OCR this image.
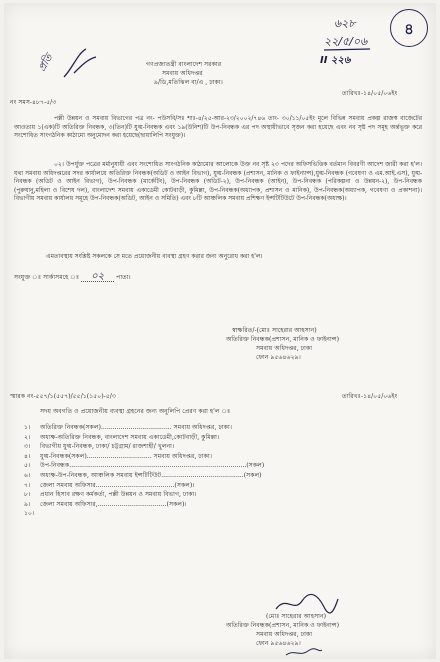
প্রতি
৬২৮
২২/৫/০৬
II ২২৬
৪
গণপ্রজাতন্ত্রী বাংলাদেশ সরকার
সমবায় অধিদপ্তর
৯/ডি,মতিঝিল বা/এ , ঢাকা।
নং সমস-৪৮৭-৫/৩
তারিখঃ-১৪/০৫/০৬ইং
পল্লী উন্নয়ন ও সমবায় বিভাগের পত্র নং- পউসবি/সঃ শাঃ-৪/২৫-আর-২৩/২০০২/৭৪৬ তাং- ৩০/১১/০৫ইং মূলে বিভিন্ন সমবায় প্রকল্প রাজস্ব বাজেটের আওতায় ১(এক)টি অতিরিক্ত নিবন্ধক, ৩(তিন)টি যুগ্ম-নিবন্ধক এবং ১৯(উনিশ)টি উপ-নিবন্ধক এর পদ অস্থায়ীভাবে সৃজন করা হয়েছে এবং নব সৃষ্ট পদ সমূহ অর্ন্তভূক্ত করে সংশোধিত সাংগঠনিক কাঠামো অনুমোদন করা হয়েছে(ছায়ালিপি সংযুক্ত)।
০২। উপর্যুক্ত পত্রের মর্মানুযায়ী এবং সংশোধিত সাংগঠনিক কাঠামোর আলোকে উক্ত নব সৃষ্ট ২৩ পদের অফিসভিত্তিক বর্তমান বিবরণী আদেশ জারী করা হ'ল। যথা সমবায় অধিদপ্তরের সদর কার্যালয়ে অতিরিক্ত নিবন্ধক(অডিট ও আইন বিভাগ), যুগ্ম-নিবন্ধক (প্রশাসন, মানিক ও ফাইন্যান্স),যুগ্ম-নিবন্ধক (গবেষণা ও এম.আই.এস), যুগ্ম-নিবন্ধক (অডিট ও আইন বিভাগ), উপ-নিবন্ধক (মার্কেটিং), উপ-নিবন্ধক (অডিট-২), উপ-নিবন্ধক (আইন), উপ-নিবন্ধক (পরিকল্পনা ও উন্নয়ন-২), উপ-নিবন্ধক (পুরুষানু,মহিলা ও বিশেষ দল), বাংলাদেশ সমবায় একাডেমী কোটবাড়ী, কুমিল্লা, উপ-নিবন্ধক(অধ্যাপক, প্রশাসন ও মানিক), উপ-নিবন্ধক(অধ্যাপক, গবেষণা ও প্রকাশনা)। বিভাগীয় সমবায় কার্যালয় সমূহে উপ-নিবন্ধক(অডিট, আইন ও সমিতি) এবং ৮টি আঞ্চলিক সমবায় প্রশিক্ষণ ইন্সটিটিউটে উপ-নিবন্ধক(অধ্যক্ষ)।
এমতাবস্থায় সংশ্লিষ্ট সকলকে সে মতে প্রয়োজনীয় ব্যবস্থা গ্রহণ করার জন্য অনুরোধ করা হ'ল।
সংযুক্ত ঃ সার্কাসমহে ঃ ০২ পাতা।
স্বাক্ষরিত/-(মোঃ সাহেরার আহসান)
অতিরিক্ত নিবন্ধক(প্রশাসন, মানিক ও ফাইনান্স)
সমবায় অধিদপ্তর, ঢাকা
ফোন ৯৫৬৪৬২৯।
স্মারক নং-৫৫৭/১(৫৫৭)/৫৫/১(১৫০)-৫/৩	তারিখঃ-১৪/০৫/০৬ইং
সদয় অবগতি ও প্রয়োজনীয় ব্যবস্থা গ্রহনের জন্য অনুলিপি প্রেরণ করা হ'ল ঃ
১। অতিরিক্ত নিবন্ধক(সকল).................................... সমবায় অধিদপ্তর, ঢাকা।
২। অধ্যক্ষ-অতিরিক্ত নিবন্ধক, বাংলাদেশ সমবায় একাডেমী,কোটবাড়ী, কুমিল্লা।
৩। বিভাগীয় যুগ্ম-নিবন্ধক, ঢাকা/ চট্টগ্রাম/ রাজশাহী/ খুলনা।
৪। যুগ্ম-নিবন্ধক(সকল)................................. সমবায় অধিদপ্তর, ঢাকা।
৫। উপ-নিবন্ধক..........................................................................................(সকল)
৬। অধ্যক্ষ-উপ-নিবন্ধক, আঞ্চলিক সমবায় ইন্সটিটিউট..........................................(সকল)
৭। জেলা সমবায় অফিসার........................................(সকল)।
৮। প্রধান হিসাব রক্ষণ কর্মকর্তা, পল্লী উন্নয়ন ও সমবায় বিভাগ, ঢাকা।
৯। জেলা সমবায় অফিসার,...................................(সকল)।
১০।
(মোঃ সাহেরার আহসান)
অতিরিক্ত নিবন্ধক(প্রশাসন, মানিক ও ফাইনান্স)
সমবায় অধিদপ্তর, ঢাকা
ফোন ৯৫৬৪৬২৯।
